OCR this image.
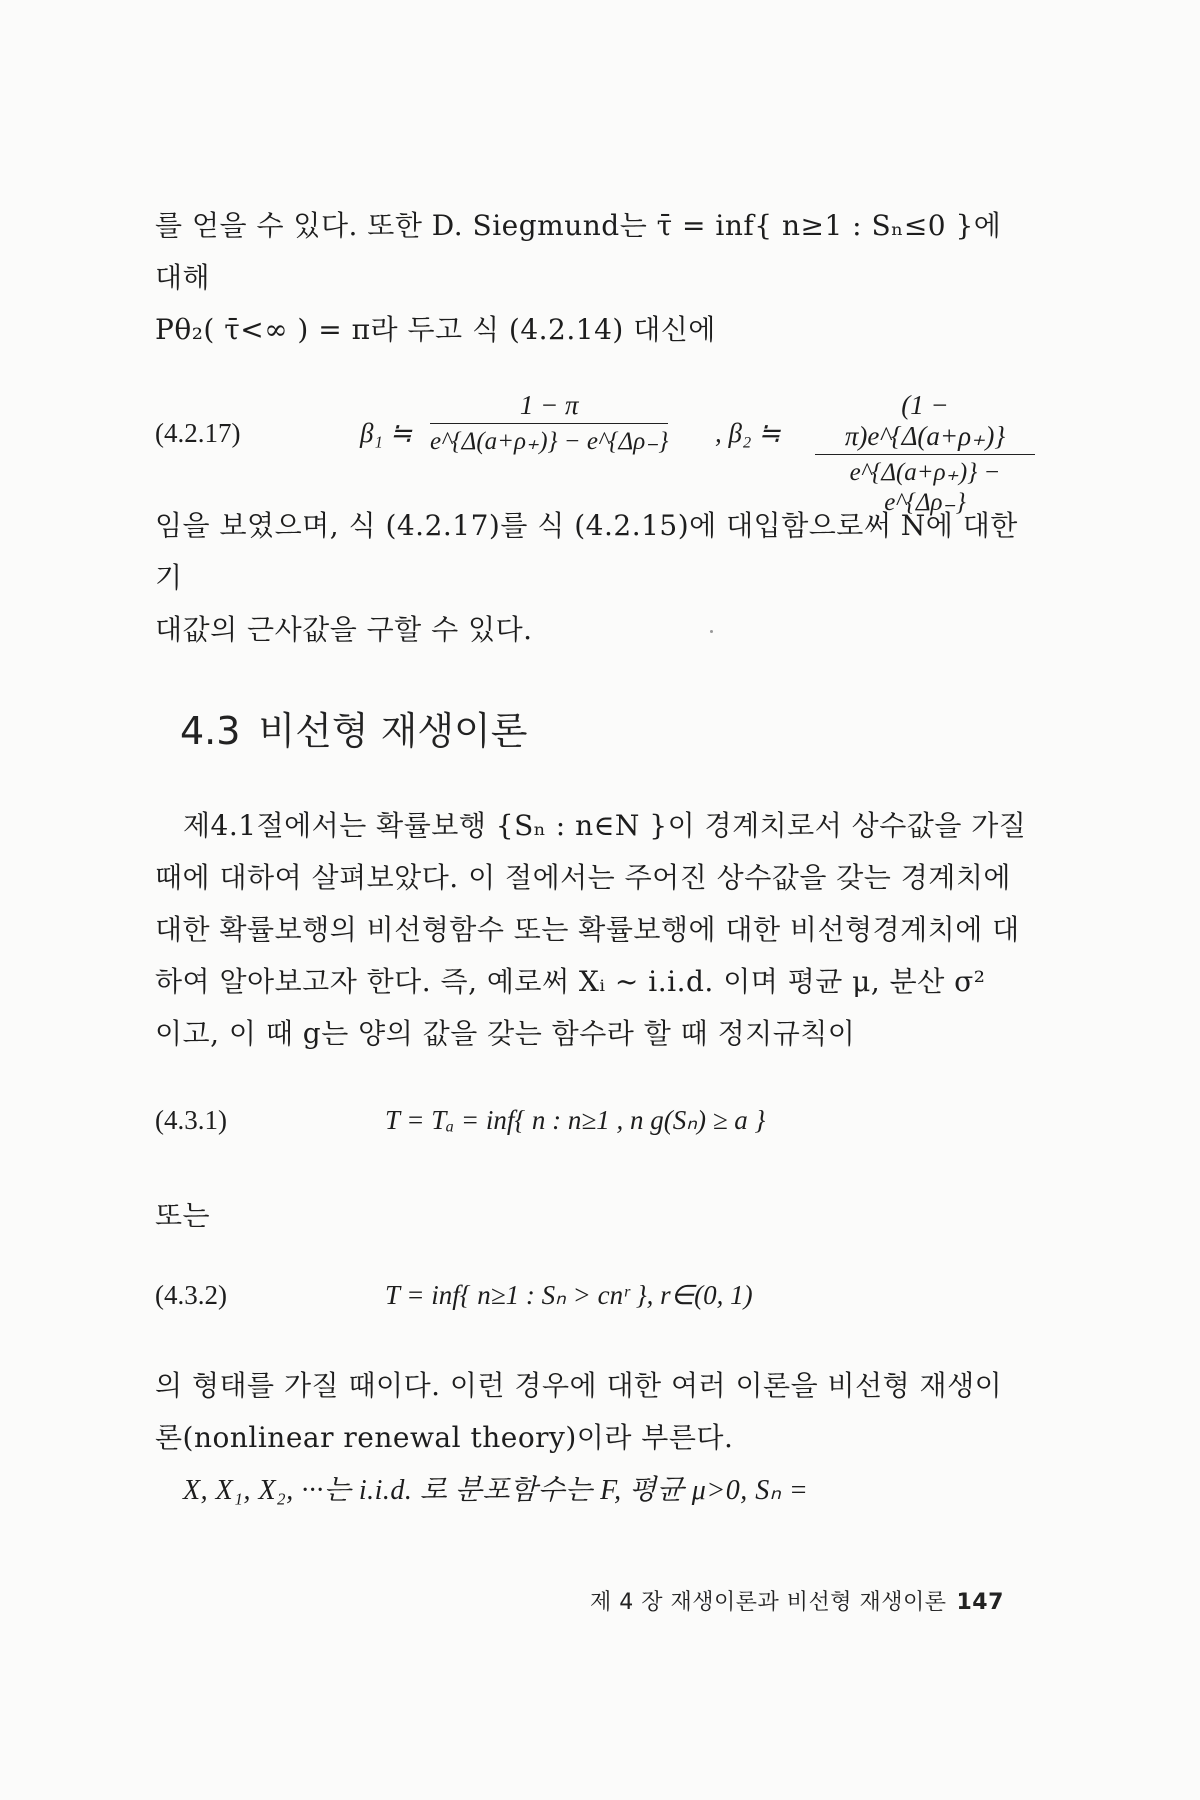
를 얻을 수 있다. 또한 D. Siegmund는 τ̄ = inf{ n≥1 : Sₙ≤0 }에 대해
Pθ₂( τ̄<∞ ) = π라 두고 식 (4.2.14) 대신에
(4.2.17)	β₁ ≒ $\frac{1 - \pi}{e\^{}\{\Delta(a+\rho_+)\} - e\^{}\{\Delta\rho_-\}}$ , β₂ ≒ $\frac{(1 - \pi)e\^{}\{\Delta(a+\rho_+)\}}{e\^{}\{\Delta(a+\rho_+)\} - e\^{}\{\Delta\rho_-\}}$
임을 보였으며, 식 (4.2.17)를 식 (4.2.15)에 대입함으로써 N에 대한 기
대값의 근사값을 구할 수 있다.
4.3 비선형 재생이론
제4.1절에서는 확률보행 {Sₙ : n∈N }이 경계치로서 상수값을 가질
때에 대하여 살펴보았다. 이 절에서는 주어진 상수값을 갖는 경계치에
대한 확률보행의 비선형함수 또는 확률보행에 대한 비선형경계치에 대
하여 알아보고자 한다. 즉, 예로써 Xᵢ ~ i.i.d. 이며 평균 μ, 분산 σ²
이고, 이 때 g는 양의 값을 갖는 함수라 할 때 정지규칙이
(4.3.1)	T = Tₐ = inf{ n : n≥1 , n g(Sₙ) ≥ a }
또는
(4.3.2)	T = inf{ n≥1 : Sₙ > cnʳ }, r∈(0, 1)
의 형태를 가질 때이다. 이런 경우에 대한 여러 이론을 비선형 재생이
론(nonlinear renewal theory)이라 부른다.
X, X₁, X₂, ···는 i.i.d. 로 분포함수는 F, 평균 μ>0, Sₙ =
제 4 장 재생이론과 비선형 재생이론 147
